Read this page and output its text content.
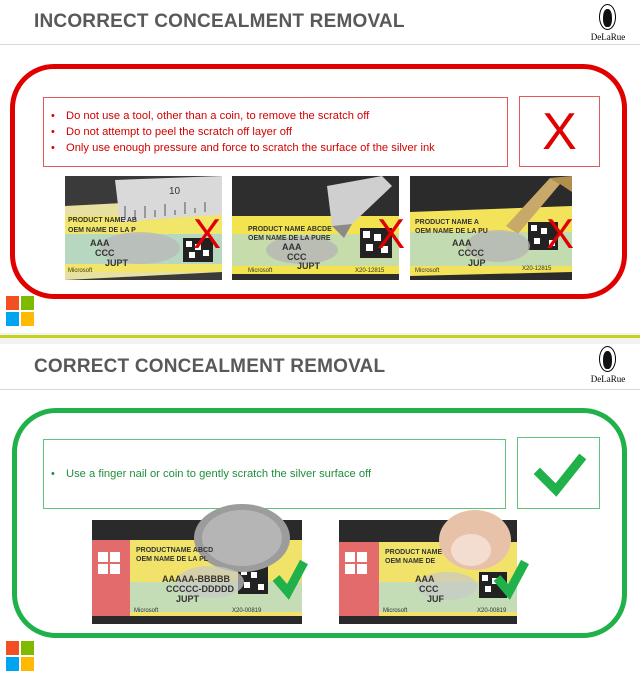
INCORRECT CONCEALMENT REMOVAL
DeLaRue
• Do not use a tool, other than a coin, to remove the scratch off
• Do not attempt to peel the scratch off layer off
• Only use enough pressure and force to scratch the surface of the silver ink	X
10
PRODUCT NAME AB
OEM NAME DE LA P
AAA
CCC
JUPT
Microsoft
X	PRODUCT NAME ABCDE
OEM NAME DE LA PURE
AAA
CCC
JUPT
Microsoft	X20-12815
X PRODUCT NAME A
OEM NAME DE LA PU
AAA
CCCC
JUP
Microsoft	X20-12815
X
CORRECT CONCEALMENT REMOVAL
DeLaRue
• Use a finger nail or coin to gently scratch the silver surface off
PRODUCTNAME ABCD
OEM NAME DE LA PL
AAAAA-BBBBB
CCCCC-DDDDD
JUPT
Microsoft	X20-00819
PRODUCT NAME
OEM NAME DE
AAA
CCC
JUF
Microsoft	X20-00819
